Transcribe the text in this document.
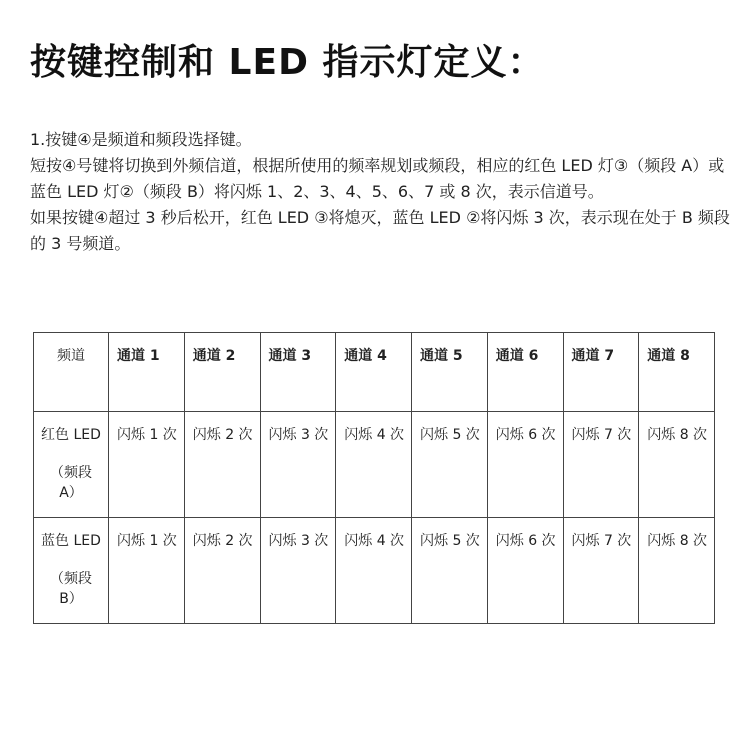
按键控制和 LED 指示灯定义：

1.按键④是频道和频段选择键。

短按④号键将切换到外频信道，根据所使用的频率规划或频段，相应的红色 LED 灯③（频段 A）或蓝色 LED 灯②（频段 B）将闪烁 1、2、3、4、5、6、7 或 8 次，表示信道号。

如果按键④超过 3 秒后松开，红色 LED ③将熄灭，蓝色 LED ②将闪烁 3 次，表示现在处于 B 频段的 3 号频道。

频道	通道 1	通道 2	通道 3	通道 4	通道 5	通道 6	通道 7	通道 8

红色 LED
（频段 A）	闪烁 1 次	闪烁 2 次	闪烁 3 次	闪烁 4 次	闪烁 5 次	闪烁 6 次	闪烁 7 次	闪烁 8 次

蓝色 LED
（频段 B）	闪烁 1 次	闪烁 2 次	闪烁 3 次	闪烁 4 次	闪烁 5 次	闪烁 6 次	闪烁 7 次	闪烁 8 次
